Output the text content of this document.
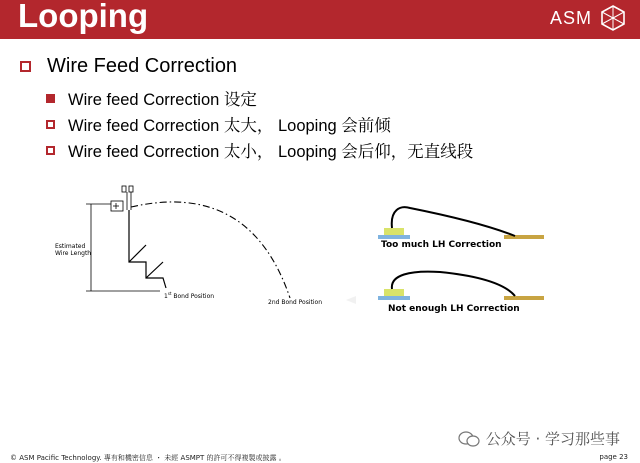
Looping	ASM
Wire Feed Correction
Wire feed Correction 设定
Wire feed Correction 太大， Looping 会前倾
Wire feed Correction 太小， Looping 会后仰，无直线段
Estimated
Wire Length
1st Bond Position
2nd Bond Position
Too much LH Correction
Not enough LH Correction
公众号 · 学习那些事
© ASM Pacific Technology. 專有和機密信息 ・ 未經 ASMPT 的許可不得複製或披露 。	page 23
